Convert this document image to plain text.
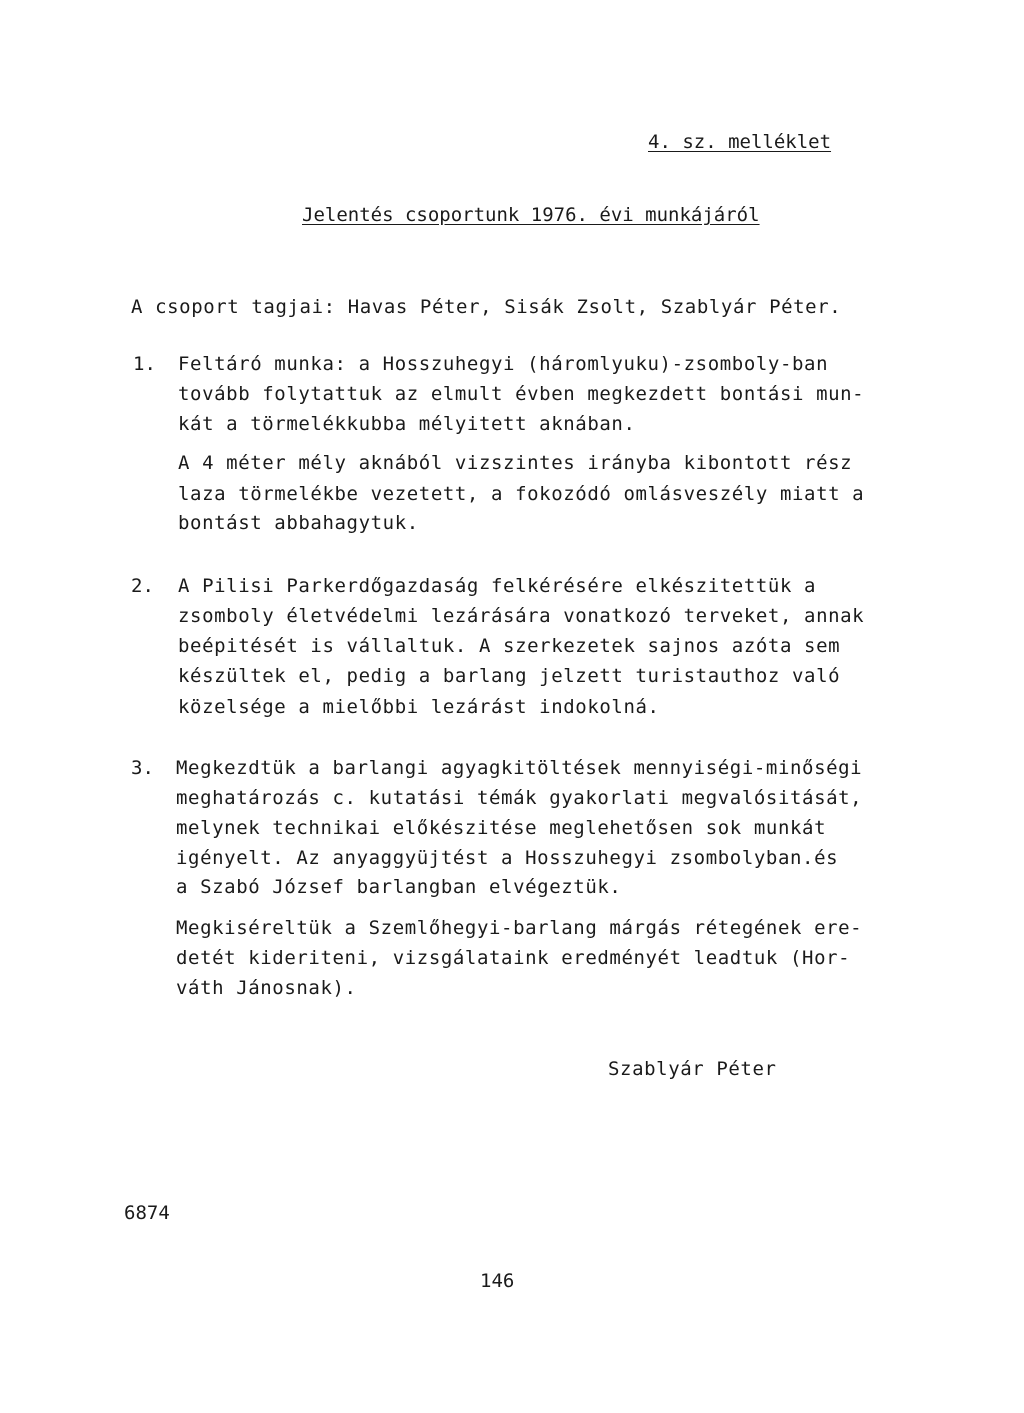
4. sz. melléklet
Jelentés csoportunk 1976. évi munkájáról
A csoport tagjai: Havas Péter, Sisák Zsolt, Szablyár Péter.
1. Feltáró munka: a Hosszuhegyi (háromlyuku)-zsomboly-ban
tovább folytattuk az elmult évben megkezdett bontási mun-
kát a törmelékkubba mélyitett aknában.
A 4 méter mély aknából vizszintes irányba kibontott rész
laza törmelékbe vezetett, a fokozódó omlásveszély miatt a
bontást abbahagytuk.
2. A Pilisi Parkerdőgazdaság felkérésére elkészitettük a
zsomboly életvédelmi lezárására vonatkozó terveket, annak
beépitését is vállaltuk. A szerkezetek sajnos azóta sem
készültek el, pedig a barlang jelzett turistauthoz való
közelsége a mielőbbi lezárást indokolná.
3. Megkezdtük a barlangi agyagkitöltések mennyiségi-minőségi
meghatározás c. kutatási témák gyakorlati megvalósitását,
melynek technikai előkészitése meglehetősen sok munkát
igényelt. Az anyaggyüjtést a Hosszuhegyi zsombolyban.és
a Szabó József barlangban elvégeztük.
Megkiséreltük a Szemlőhegyi-barlang márgás rétegének ere-
detét kideriteni, vizsgálataink eredményét leadtuk (Hor-
váth Jánosnak).
Szablyár Péter
6874
146
